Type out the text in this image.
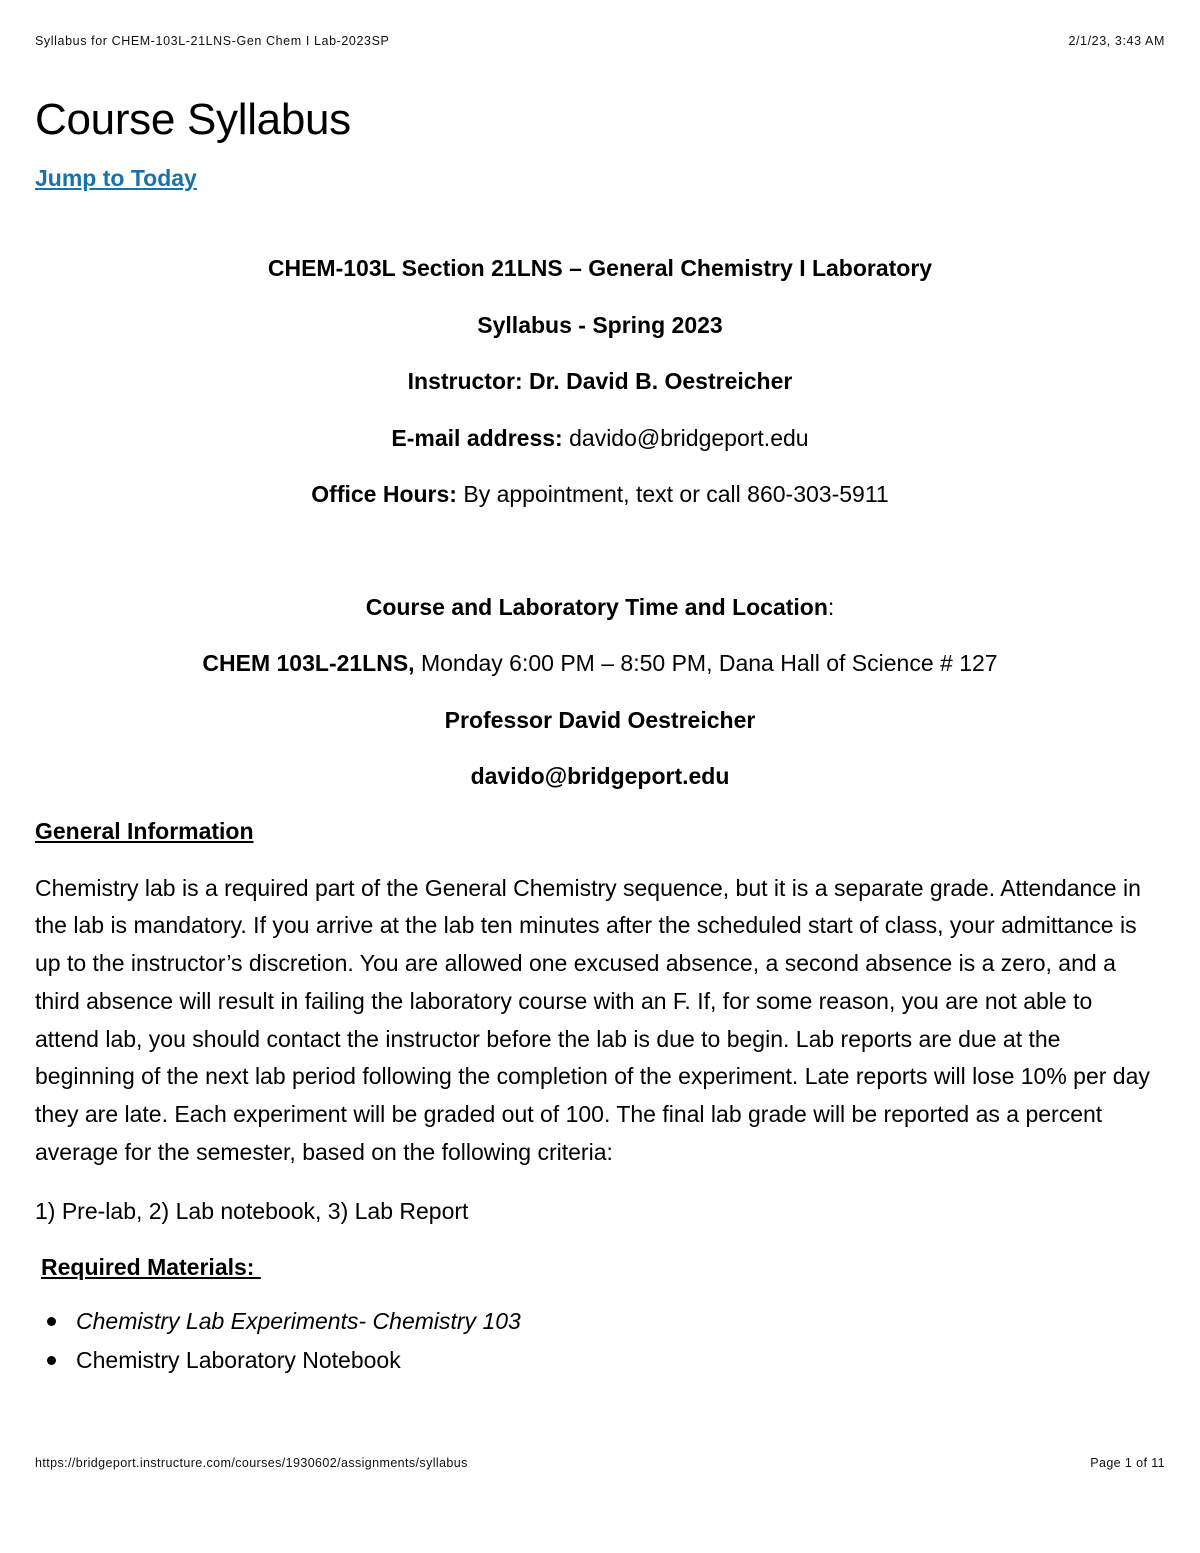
Syllabus for CHEM-103L-21LNS-Gen Chem I Lab-2023SP	2/1/23, 3:43 AM
Course Syllabus
Jump to Today

CHEM-103L Section 21LNS – General Chemistry I Laboratory

Syllabus - Spring 2023

Instructor: Dr. David B. Oestreicher

E-mail address: davido@bridgeport.edu

Office Hours: By appointment, text or call 860-303-5911

Course and Laboratory Time and Location:

CHEM 103L-21LNS, Monday 6:00 PM – 8:50 PM, Dana Hall of Science # 127

Professor David Oestreicher

davido@bridgeport.edu

General Information

Chemistry lab is a required part of the General Chemistry sequence, but it is a separate grade. Attendance in the lab is mandatory. If you arrive at the lab ten minutes after the scheduled start of class, your admittance is up to the instructor’s discretion. You are allowed one excused absence, a second absence is a zero, and a third absence will result in failing the laboratory course with an F. If, for some reason, you are not able to attend lab, you should contact the instructor before the lab is due to begin. Lab reports are due at the beginning of the next lab period following the completion of the experiment. Late reports will lose 10% per day they are late. Each experiment will be graded out of 100. The final lab grade will be reported as a percent average for the semester, based on the following criteria:

1) Pre-lab, 2) Lab notebook, 3) Lab Report

Required Materials:

Chemistry Lab Experiments- Chemistry 103
Chemistry Laboratory Notebook
https://bridgeport.instructure.com/courses/1930602/assignments/syllabus	Page 1 of 11
